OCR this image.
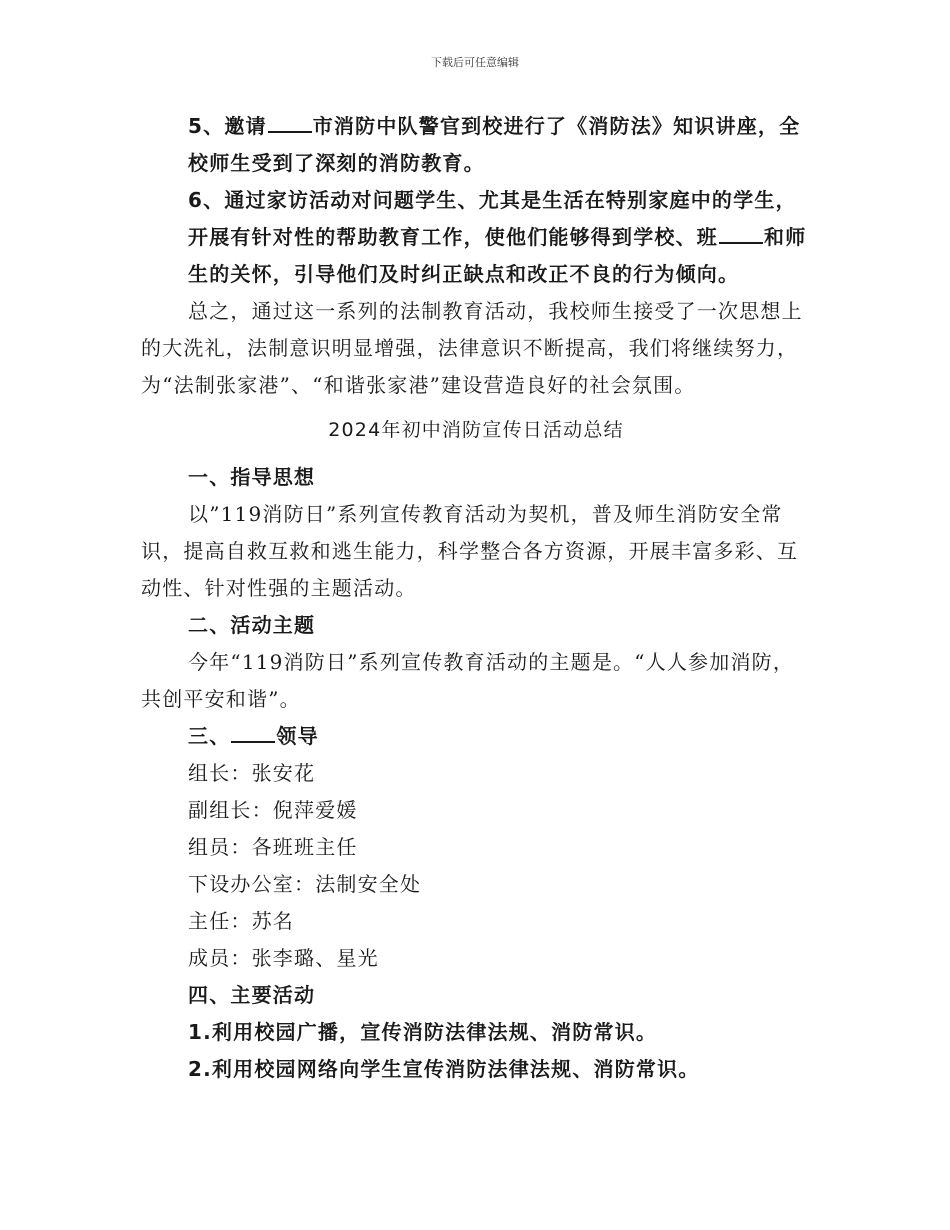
下载后可任意编辑

5、邀请 市消防中队警官到校进行了《消防法》知识讲座，全校师生受到了深刻的消防教育。

6、通过家访活动对问题学生、尤其是生活在特别家庭中的学生，开展有针对性的帮助教育工作，使他们能够得到学校、班 和师生的关怀，引导他们及时纠正缺点和改正不良的行为倾向。

总之，通过这一系列的法制教育活动，我校师生接受了一次思想上的大洗礼，法制意识明显增强，法律意识不断提高，我们将继续努力，为“法制张家港”、“和谐张家港”建设营造良好的社会氛围。

2024年初中消防宣传日活动总结

一、指导思想

以”119消防日”系列宣传教育活动为契机，普及师生消防安全常识，提高自救互救和逃生能力，科学整合各方资源，开展丰富多彩、互动性、针对性强的主题活动。

二、活动主题

今年“119消防日”系列宣传教育活动的主题是。“人人参加消防，共创平安和谐”。

三、 领导

组长：张安花

副组长：倪萍爱媛

组员：各班班主任

下设办公室：法制安全处

主任：苏名

成员：张李璐、星光

四、主要活动

1.利用校园广播，宣传消防法律法规、消防常识。

2.利用校园网络向学生宣传消防法律法规、消防常识。
